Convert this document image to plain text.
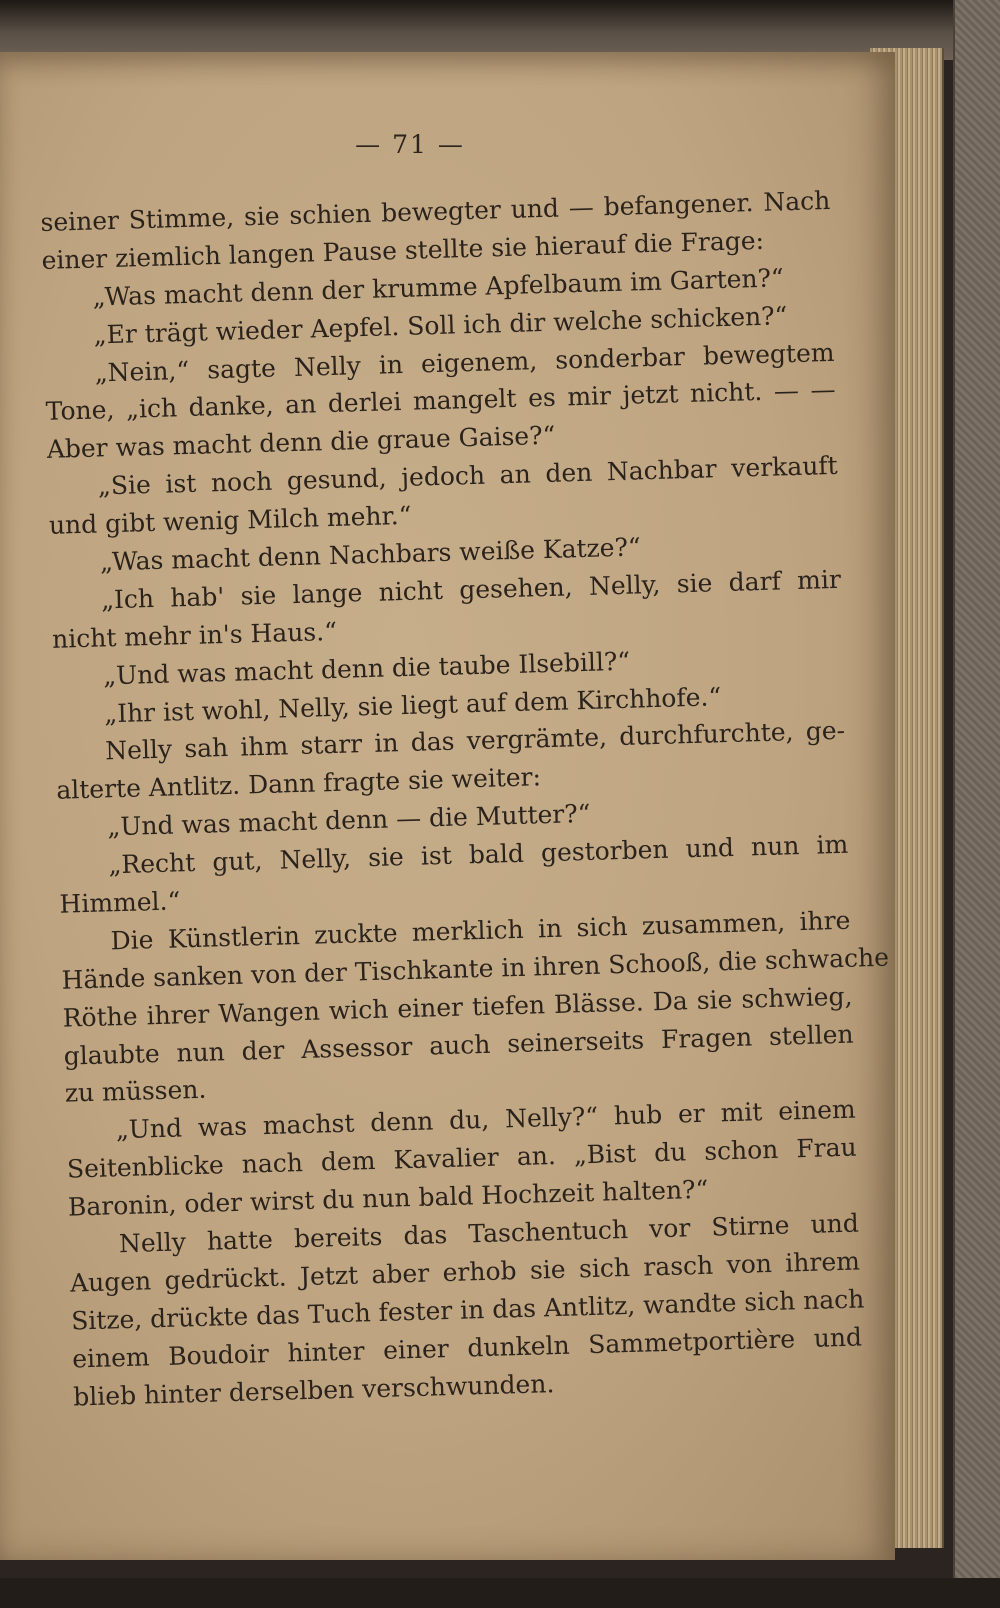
— 71 —
seiner Stimme, sie schien bewegter und — befangener. Nach
einer ziemlich langen Pause stellte sie hierauf die Frage:
„Was macht denn der krumme Apfelbaum im Garten?“
„Er trägt wieder Aepfel. Soll ich dir welche schicken?“
„Nein,“ sagte Nelly in eigenem, sonderbar bewegtem
Tone, „ich danke, an derlei mangelt es mir jetzt nicht. — —
Aber was macht denn die graue Gaise?“
„Sie ist noch gesund, jedoch an den Nachbar verkauft
und gibt wenig Milch mehr.“
„Was macht denn Nachbars weiße Katze?“
„Ich hab' sie lange nicht gesehen, Nelly, sie darf mir
nicht mehr in's Haus.“
„Und was macht denn die taube Ilsebill?“
„Ihr ist wohl, Nelly, sie liegt auf dem Kirchhofe.“
Nelly sah ihm starr in das vergrämte, durchfurchte, ge-
alterte Antlitz. Dann fragte sie weiter:
„Und was macht denn — die Mutter?“
„Recht gut, Nelly, sie ist bald gestorben und nun im
Himmel.“
Die Künstlerin zuckte merklich in sich zusammen, ihre
Hände sanken von der Tischkante in ihren Schooß, die schwache
Röthe ihrer Wangen wich einer tiefen Blässe. Da sie schwieg,
glaubte nun der Assessor auch seinerseits Fragen stellen
zu müssen.
„Und was machst denn du, Nelly?“ hub er mit einem
Seitenblicke nach dem Kavalier an. „Bist du schon Frau
Baronin, oder wirst du nun bald Hochzeit halten?“
Nelly hatte bereits das Taschentuch vor Stirne und
Augen gedrückt. Jetzt aber erhob sie sich rasch von ihrem
Sitze, drückte das Tuch fester in das Antlitz, wandte sich nach
einem Boudoir hinter einer dunkeln Sammetportière und
blieb hinter derselben verschwunden.
